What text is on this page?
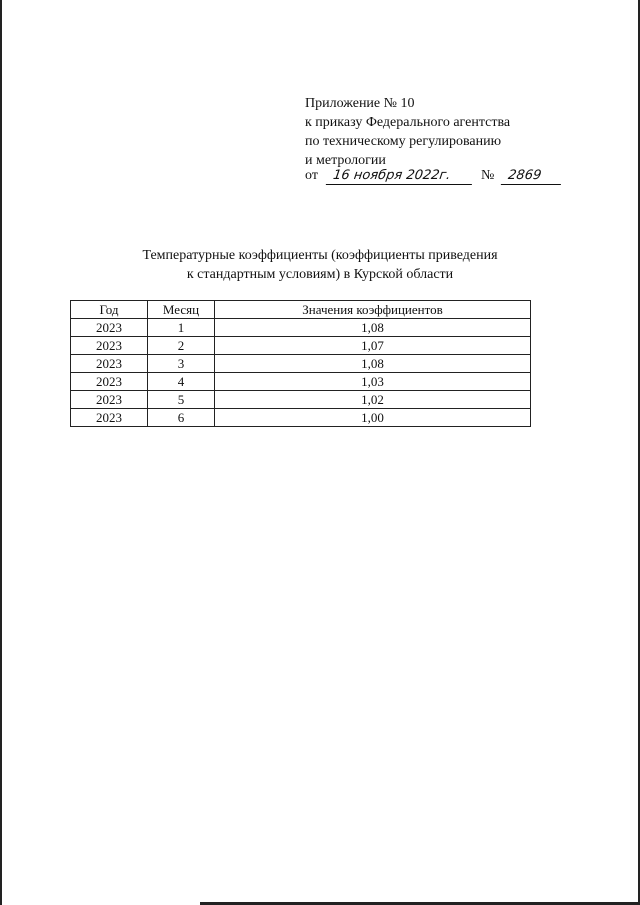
Приложение № 10
к приказу Федерального агентства
по техническому регулированию
и метрологии
от 16 ноября 2022г. № 2869
Температурные коэффициенты (коэффициенты приведения
к стандартным условиям) в Курской области
Год	Месяц	Значения коэффициентов
2023	1	1,08
2023	2	1,07
2023	3	1,08
2023	4	1,03
2023	5	1,02
2023	6	1,00
